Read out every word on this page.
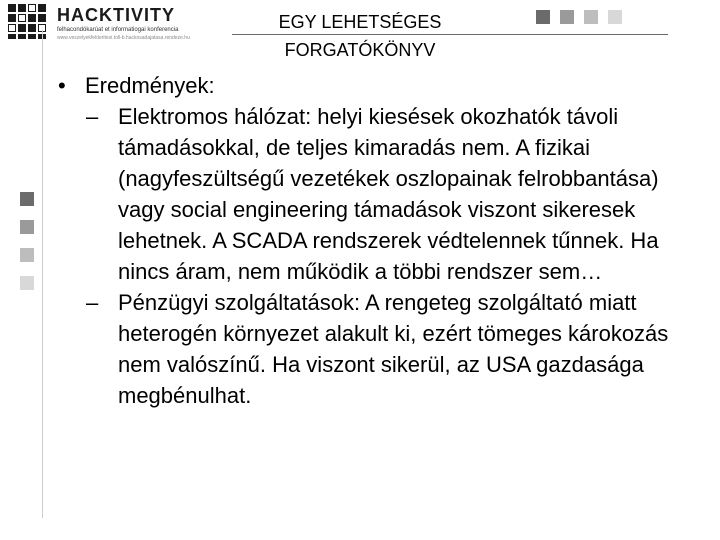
HACKTIVITY
felhacondókarúat et informatiogai konferencia
www.veszelyekfelderitesi.toll-b.hackosadajatasa.rendeze.hu
EGY LEHETSÉGES
FORGATÓKÖNYV
• Eredmények:
– Elektromos hálózat: helyi kiesések okozhatók távoli támadásokkal, de teljes kimaradás nem. A fizikai (nagyfeszültségű vezetékek oszlopainak felrobbantása) vagy social engineering támadások viszont sikeresek lehetnek. A SCADA rendszerek védtelennek tűnnek. Ha nincs áram, nem működik a többi rendszer sem…
– Pénzügyi szolgáltatások: A rengeteg szolgáltató miatt heterogén környezet alakult ki, ezért tömeges károkozás nem valószínű. Ha viszont sikerül, az USA gazdasága megbénulhat.
